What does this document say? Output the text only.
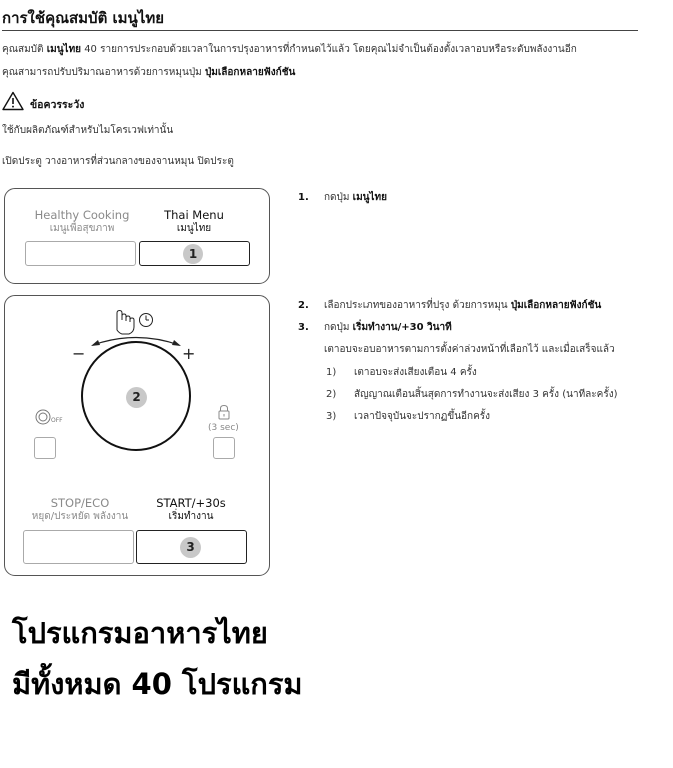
การใช้คุณสมบัติ เมนูไทย
คุณสมบัติ เมนูไทย 40 รายการประกอบด้วยเวลาในการปรุงอาหารที่กำหนดไว้แล้ว โดยคุณไม่จำเป็นต้องตั้งเวลาอบหรือระดับพลังงานอีก
คุณสามารถปรับปริมาณอาหารด้วยการหมุนปุ่ม ปุ่มเลือกหลายฟังก์ชัน
ข้อควรระวัง
ใช้กับผลิตภัณฑ์สำหรับไมโครเวฟเท่านั้น
เปิดประตู วางอาหารที่ส่วนกลางของจานหมุน ปิดประตู
Healthy Cooking
เมนูเพื่อสุขภาพ
Thai Menu
เมนูไทย
1
−	+
2
OFF
(3 sec)
STOP/ECO
หยุด/ประหยัด พลังงาน
START/+30s
เริ่มทำงาน
3
1. กดปุ่ม เมนูไทย
2. เลือกประเภทของอาหารที่ปรุง ด้วยการหมุน ปุ่มเลือกหลายฟังก์ชัน
3. กดปุ่ม เริ่มทำงาน/+30 วินาที
เตาอบจะอบอาหารตามการตั้งค่าล่วงหน้าที่เลือกไว้ และเมื่อเสร็จแล้ว
1) เตาอบจะส่งเสียงเตือน 4 ครั้ง
2) สัญญาณเตือนสิ้นสุดการทำงานจะส่งเสียง 3 ครั้ง (นาทีละครั้ง)
3) เวลาปัจจุบันจะปรากฏขึ้นอีกครั้ง
โปรแกรมอาหารไทย
มีทั้งหมด 40 โปรแกรม
